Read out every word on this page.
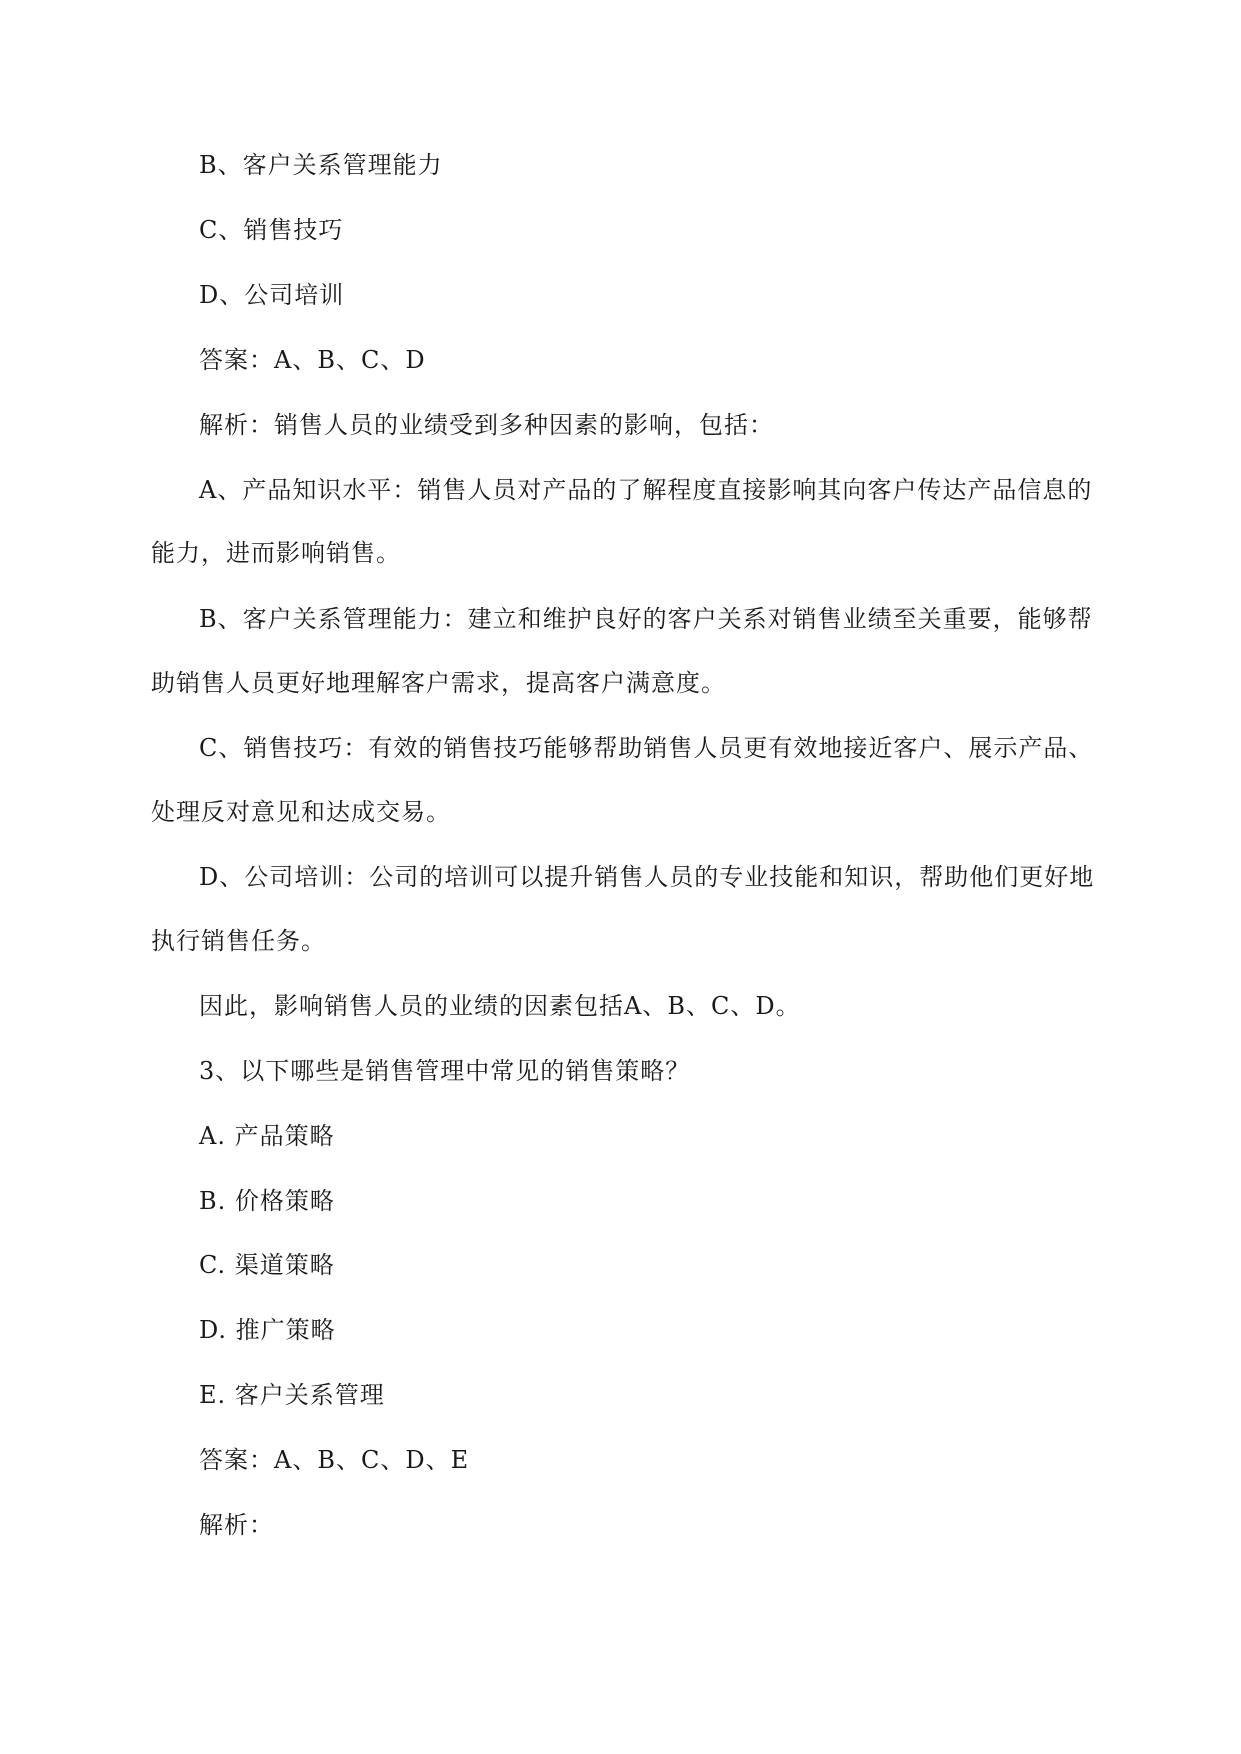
B、客户关系管理能力
C、销售技巧
D、公司培训
答案：A、B、C、D
解析：销售人员的业绩受到多种因素的影响，包括：
A、产品知识水平：销售人员对产品的了解程度直接影响其向客户传达产品信息的
能力，进而影响销售。
B、客户关系管理能力：建立和维护良好的客户关系对销售业绩至关重要，能够帮
助销售人员更好地理解客户需求，提高客户满意度。
C、销售技巧：有效的销售技巧能够帮助销售人员更有效地接近客户、展示产品、
处理反对意见和达成交易。
D、公司培训：公司的培训可以提升销售人员的专业技能和知识，帮助他们更好地
执行销售任务。
因此，影响销售人员的业绩的因素包括A、B、C、D。
3、以下哪些是销售管理中常见的销售策略？
A. 产品策略
B. 价格策略
C. 渠道策略
D. 推广策略
E. 客户关系管理
答案：A、B、C、D、E
解析：
